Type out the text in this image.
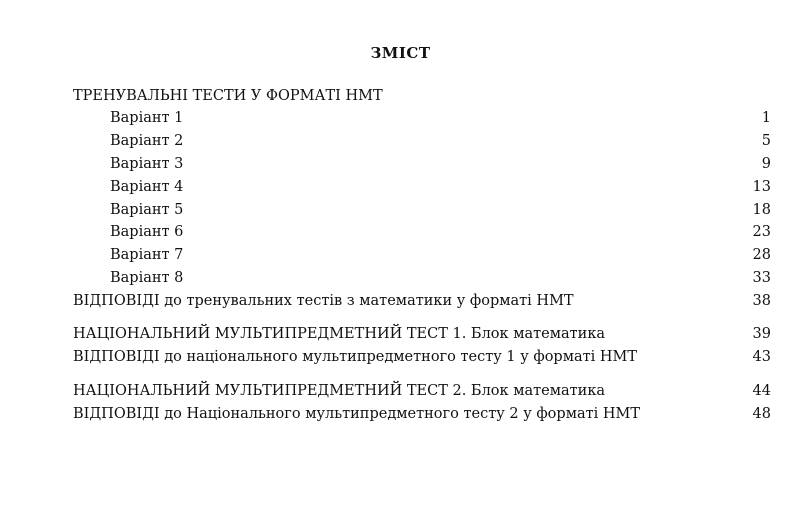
ЗМІСТ
ТРЕНУВАЛЬНІ ТЕСТИ У ФОРМАТІ НМТ
Варіант 1	1
Варіант 2	5
Варіант 3	9
Варіант 4	13
Варіант 5	18
Варіант 6	23
Варіант 7	28
Варіант 8	33
ВІДПОВІДІ до тренувальних тестів з математики у форматі НМТ	38
НАЦІОНАЛЬНИЙ МУЛЬТИПРЕДМЕТНИЙ ТЕСТ 1. Блок математика	39
ВІДПОВІДІ до національного мультипредметного тесту 1 у форматі НМТ	43
НАЦІОНАЛЬНИЙ МУЛЬТИПРЕДМЕТНИЙ ТЕСТ 2. Блок математика	44
ВІДПОВІДІ до Національного мультипредметного тесту 2 у форматі НМТ	48
